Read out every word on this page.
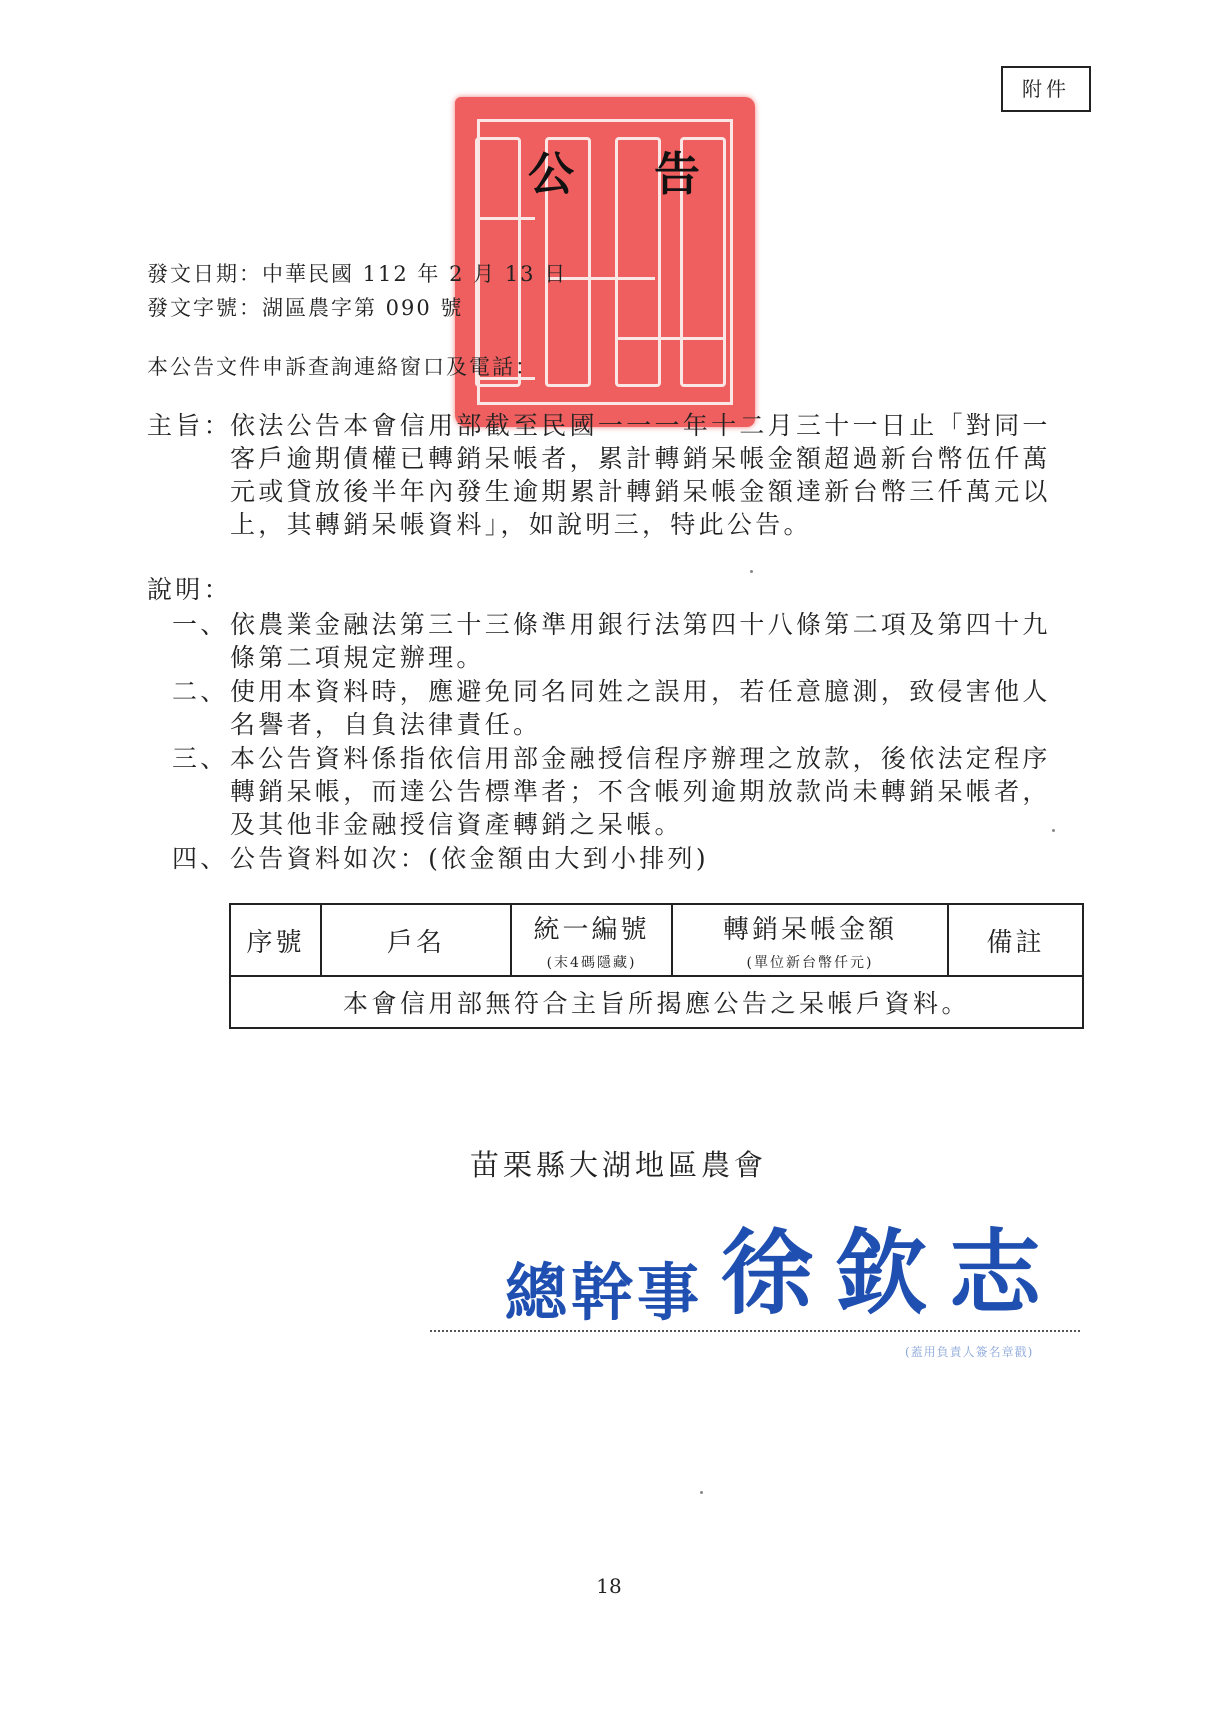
附件
公告
發文日期：中華民國 112 年 2 月 13 日
發文字號：湖區農字第 090 號
本公告文件申訴查詢連絡窗口及電話：
主旨：
依法公告本會信用部截至民國一一一年十二月三十一日止「對同一
客戶逾期債權已轉銷呆帳者，累計轉銷呆帳金額超過新台幣伍仟萬
元或貸放後半年內發生逾期累計轉銷呆帳金額達新台幣三仟萬元以
上，其轉銷呆帳資料」，如說明三，特此公告。
說明：
一、 依農業金融法第三十三條準用銀行法第四十八條第二項及第四十九
條第二項規定辦理。
二、 使用本資料時，應避免同名同姓之誤用，若任意臆測，致侵害他人
名譽者，自負法律責任。
三、 本公告資料係指依信用部金融授信程序辦理之放款，後依法定程序
轉銷呆帳，而達公告標準者；不含帳列逾期放款尚未轉銷呆帳者，
及其他非金融授信資產轉銷之呆帳。
四、 公告資料如次：(依金額由大到小排列)
序號	戶名	統一編號
(末4碼隱藏)
	轉銷呆帳金額
(單位新台幣仟元)
	備註
本會信用部無符合主旨所揭應公告之呆帳戶資料。
苗栗縣大湖地區農會
總幹事 徐欽志
(蓋用負責人簽名章戳)
18
